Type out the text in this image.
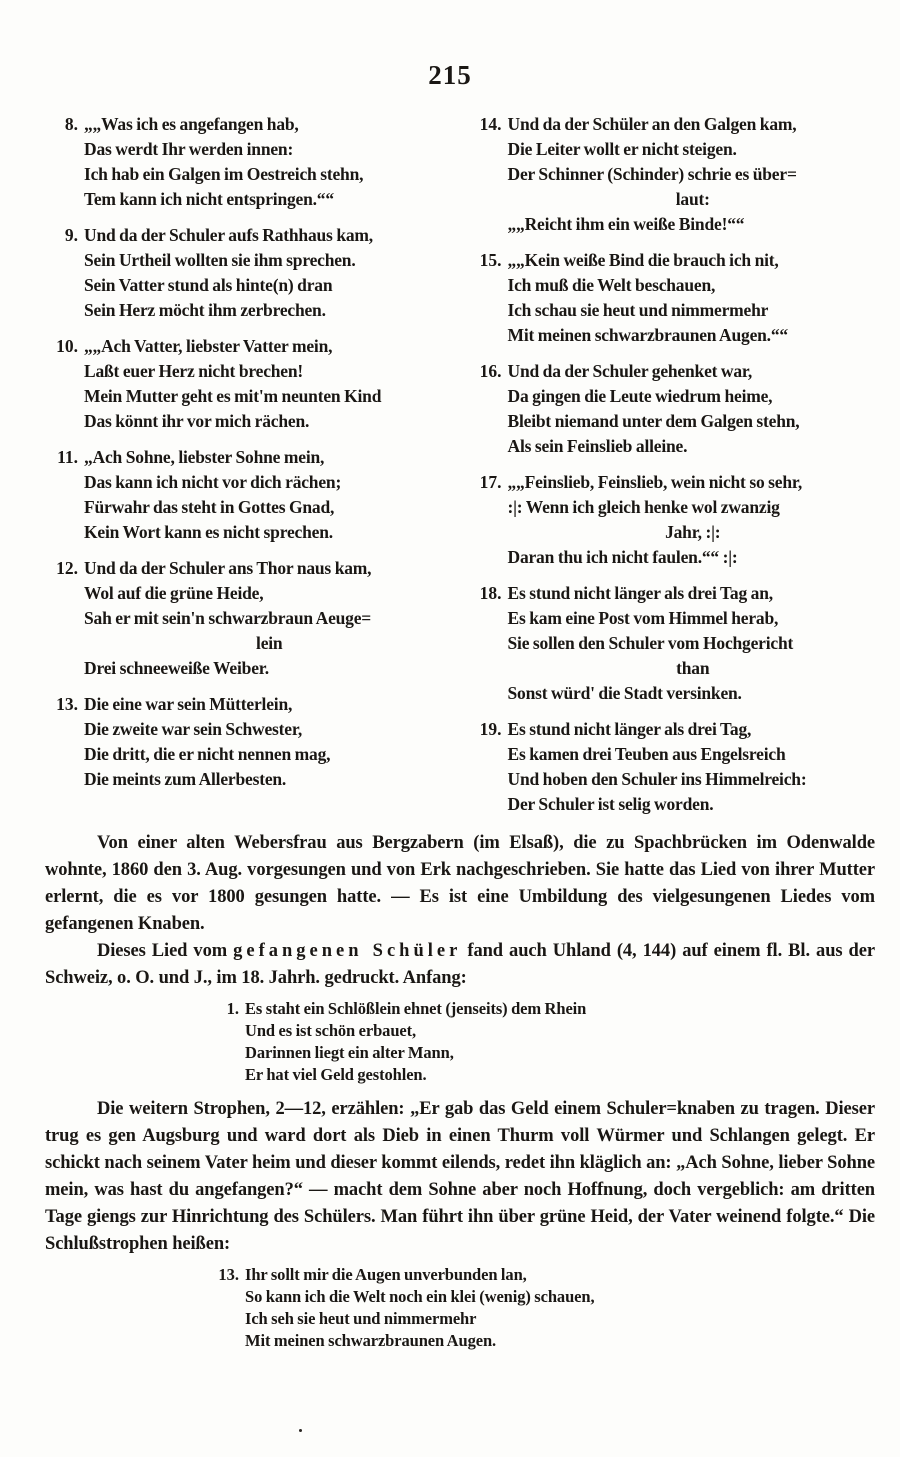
215
8. „„Was ich es angefangen hab,
Das werdt Ihr werden innen:
Ich hab ein Galgen im Oestreich stehn,
Tem kann ich nicht entspringen.““
9. Und da der Schuler aufs Rathhaus kam,
Sein Urtheil wollten sie ihm sprechen.
Sein Vatter stund als hinte(n) dran
Sein Herz möcht ihm zerbrechen.
10. „„Ach Vatter, liebster Vatter mein,
Laßt euer Herz nicht brechen!
Mein Mutter geht es mit'm neunten Kind
Das könnt ihr vor mich rächen.
11. „Ach Sohne, liebster Sohne mein,
Das kann ich nicht vor dich rächen;
Fürwahr das steht in Gottes Gnad,
Kein Wort kann es nicht sprechen.
12. Und da der Schuler ans Thor naus kam,
Wol auf die grüne Heide,
Sah er mit sein'n schwarzbraun Aeuge=
lein
Drei schneeweiße Weiber.
13. Die eine war sein Mütterlein,
Die zweite war sein Schwester,
Die dritt, die er nicht nennen mag,
Die meints zum Allerbesten.
14. Und da der Schüler an den Galgen kam,
Die Leiter wollt er nicht steigen.
Der Schinner (Schinder) schrie es über=
laut:
„„Reicht ihm ein weiße Binde!““
15. „„Kein weiße Bind die brauch ich nit,
Ich muß die Welt beschauen,
Ich schau sie heut und nimmermehr
Mit meinen schwarzbraunen Augen.““
16. Und da der Schuler gehenket war,
Da gingen die Leute wiedrum heime,
Bleibt niemand unter dem Galgen stehn,
Als sein Feinslieb alleine.
17. „„Feinslieb, Feinslieb, wein nicht so sehr,
:|: Wenn ich gleich henke wol zwanzig
Jahr, :|:
Daran thu ich nicht faulen.““ :|:
18. Es stund nicht länger als drei Tag an,
Es kam eine Post vom Himmel herab,
Sie sollen den Schuler vom Hochgericht
than
Sonst würd' die Stadt versinken.
19. Es stund nicht länger als drei Tag,
Es kamen drei Teuben aus Engelsreich
Und hoben den Schuler ins Himmelreich:
Der Schuler ist selig worden.

Von einer alten Webersfrau aus Bergzabern (im Elsaß), die zu Spachbrücken im Odenwalde wohnte, 1860 den 3. Aug. vorgesungen und von Erk nachgeschrieben. Sie hatte das Lied von ihrer Mutter erlernt, die es vor 1800 gesungen hatte. — Es ist eine Umbildung des vielgesungenen Liedes vom gefangenen Knaben.

Dieses Lied vom gefangenen Schüler fand auch Uhland (4, 144) auf einem fl. Bl. aus der Schweiz, o. O. und J., im 18. Jahrh. gedruckt. Anfang:

1. Es staht ein Schlößlein ehnet (jenseits) dem Rhein
Und es ist schön erbauet,
Darinnen liegt ein alter Mann,
Er hat viel Geld gestohlen.

Die weitern Strophen, 2—12, erzählen: „Er gab das Geld einem Schuler=knaben zu tragen. Dieser trug es gen Augsburg und ward dort als Dieb in einen Thurm voll Würmer und Schlangen gelegt. Er schickt nach seinem Vater heim und dieser kommt eilends, redet ihn kläglich an: „Ach Sohne, lieber Sohne mein, was hast du angefangen?“ — macht dem Sohne aber noch Hoffnung, doch vergeblich: am dritten Tage giengs zur Hinrichtung des Schülers. Man führt ihn über grüne Heid, der Vater weinend folgte.“ Die Schlußstrophen heißen:

13. Ihr sollt mir die Augen unverbunden lan,
So kann ich die Welt noch ein klei (wenig) schauen,
Ich seh sie heut und nimmermehr
Mit meinen schwarzbraunen Augen.
